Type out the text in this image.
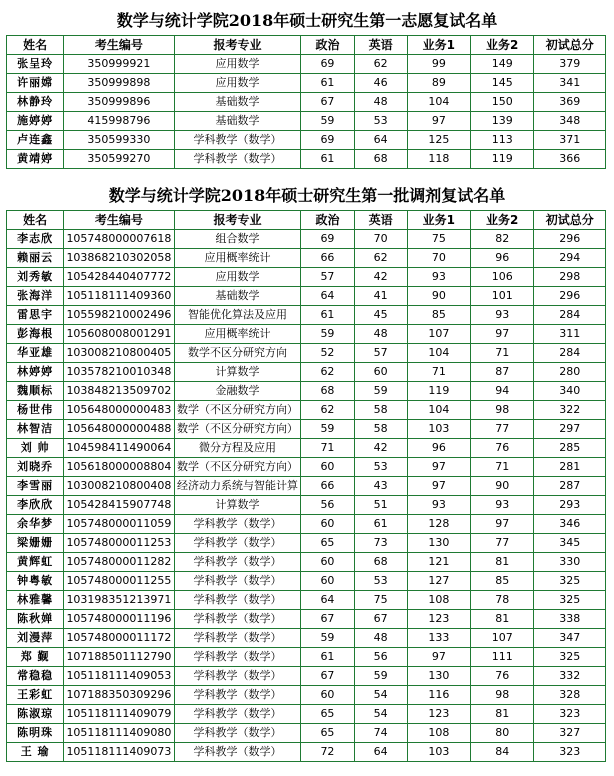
数学与统计学院2018年硕士研究生第一志愿复试名单
姓名	考生编号	报考专业	政治	英语	业务1	业务2	初试总分
张呈玲	350999921	应用数学	69	62	99	149	379
许丽嫦	350999898	应用数学	61	46	89	145	341
林静玲	350999896	基础数学	67	48	104	150	369
施婷婷	415998796	基础数学	59	53	97	139	348
卢连鑫	350599330	学科教学（数学）	69	64	125	113	371
黄靖婷	350599270	学科教学（数学）	61	68	118	119	366
数学与统计学院2018年硕士研究生第一批调剂复试名单
姓名	考生编号	报考专业	政治	英语	业务1	业务2	初试总分
李志欣	105748000007618	组合数学	69	70	75	82	296
赖丽云	103868210302058	应用概率统计	66	62	70	96	294
刘秀敏	105428440407772	应用数学	57	42	93	106	298
张海洋	105118111409360	基础数学	64	41	90	101	296
雷思宇	105598210002496	智能优化算法及应用	61	45	85	93	284
彭海根	105608008001291	应用概率统计	59	48	107	97	311
华亚雄	103008210800405	数学不区分研究方向	52	57	104	71	284
林婷婷	103578210010348	计算数学	62	60	71	87	280
魏顺标	103848213509702	金融数学	68	59	119	94	340
杨世伟	105648000000483	数学（不区分研究方向）	62	58	104	98	322
林智洁	105648000000488	数学（不区分研究方向）	59	58	103	77	297
刘 帅	104598411490064	微分方程及应用	71	42	96	76	285
刘晓乔	105618000008804	数学（不区分研究方向）	60	53	97	71	281
李雪丽	103008210800408	经济动力系统与智能计算	66	43	97	90	287
李欣欣	105428415907748	计算数学	56	51	93	93	293
余华梦	105748000011059	学科教学（数学）	60	61	128	97	346
梁姗姗	105748000011253	学科教学（数学）	65	73	130	77	345
黄辉虹	105748000011282	学科教学（数学）	60	68	121	81	330
钟粤敏	105748000011255	学科教学（数学）	60	53	127	85	325
林雅馨	103198351213971	学科教学（数学）	64	75	108	78	325
陈秋婵	105748000011196	学科教学（数学）	67	67	123	81	338
刘漫萍	105748000011172	学科教学（数学）	59	48	133	107	347
郑 觐	107188501112790	学科教学（数学）	61	56	97	111	325
常稳稳	105118111409053	学科教学（数学）	67	59	130	76	332
王彩虹	107188350309296	学科教学（数学）	60	54	116	98	328
陈淑琼	105118111409079	学科教学（数学）	65	54	123	81	323
陈明珠	105118111409080	学科教学（数学）	65	74	108	80	327
王 瑜	105118111409073	学科教学（数学）	72	64	103	84	323
